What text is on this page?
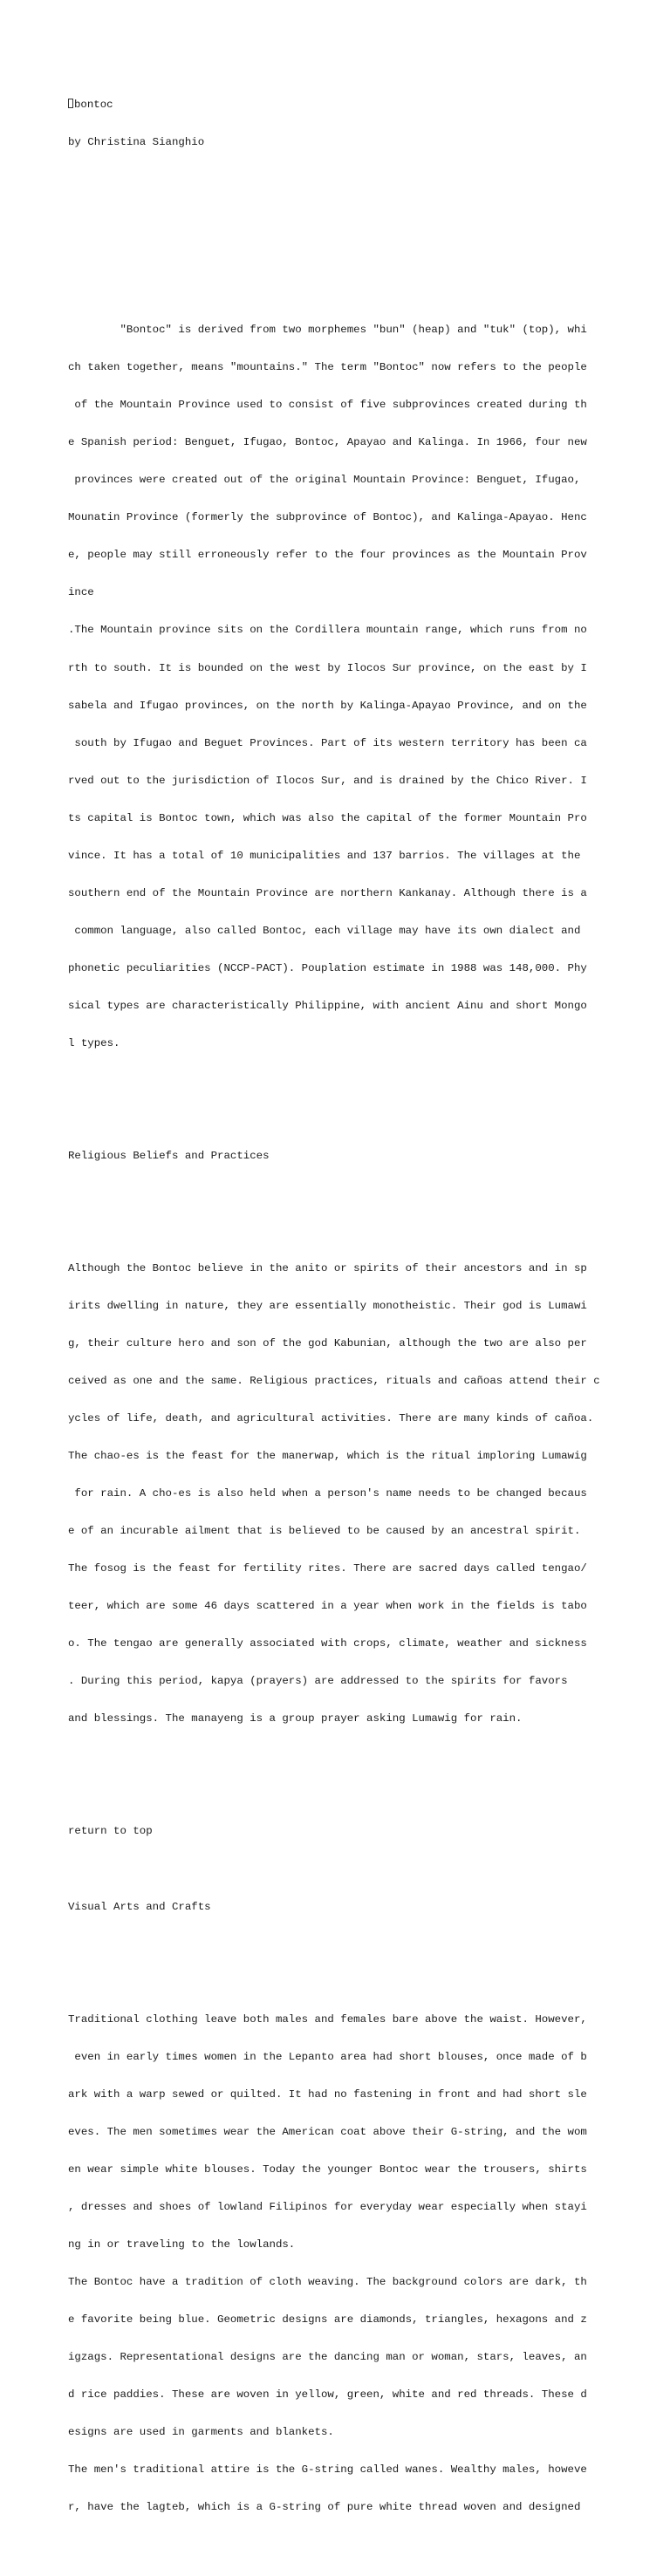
bontoc

by Christina Sianghio

"Bontoc" is derived from two morphemes "bun" (heap) and "tuk" (top), whi

ch taken together, means "mountains." The term "Bontoc" now refers to the people

of the Mountain Province used to consist of five subprovinces created during th

e Spanish period: Benguet, Ifugao, Bontoc, Apayao and Kalinga. In 1966, four new

provinces were created out of the original Mountain Province: Benguet, Ifugao,

Mounatin Province (formerly the subprovince of Bontoc), and Kalinga-Apayao. Henc

e, people may still erroneously refer to the four provinces as the Mountain Prov

ince

.The Mountain province sits on the Cordillera mountain range, which runs from no

rth to south. It is bounded on the west by Ilocos Sur province, on the east by I

sabela and Ifugao provinces, on the north by Kalinga-Apayao Province, and on the

south by Ifugao and Beguet Provinces. Part of its western territory has been ca

rved out to the jurisdiction of Ilocos Sur, and is drained by the Chico River. I

ts capital is Bontoc town, which was also the capital of the former Mountain Pro

vince. It has a total of 10 municipalities and 137 barrios. The villages at the

southern end of the Mountain Province are northern Kankanay. Although there is a

common language, also called Bontoc, each village may have its own dialect and

phonetic peculiarities (NCCP-PACT). Pouplation estimate in 1988 was 148,000. Phy

sical types are characteristically Philippine, with ancient Ainu and short Mongo

l types.

Religious Beliefs and Practices

Although the Bontoc believe in the anito or spirits of their ancestors and in sp

irits dwelling in nature, they are essentially monotheistic. Their god is Lumawi

g, their culture hero and son of the god Kabunian, although the two are also per

ceived as one and the same. Religious practices, rituals and cañoas attend their c

ycles of life, death, and agricultural activities. There are many kinds of cañoa.

The chao-es is the feast for the manerwap, which is the ritual imploring Lumawig

for rain. A cho-es is also held when a person's name needs to be changed becaus

e of an incurable ailment that is believed to be caused by an ancestral spirit.

The fosog is the feast for fertility rites. There are sacred days called tengao/

teer, which are some 46 days scattered in a year when work in the fields is tabo

o. The tengao are generally associated with crops, climate, weather and sickness

. During this period, kapya (prayers) are addressed to the spirits for favors

and blessings. The manayeng is a group prayer asking Lumawig for rain.

return to top

Visual Arts and Crafts

Traditional clothing leave both males and females bare above the waist. However,

even in early times women in the Lepanto area had short blouses, once made of b

ark with a warp sewed or quilted. It had no fastening in front and had short sle

eves. The men sometimes wear the American coat above their G-string, and the wom

en wear simple white blouses. Today the younger Bontoc wear the trousers, shirts

, dresses and shoes of lowland Filipinos for everyday wear especially when stayi

ng in or traveling to the lowlands.

The Bontoc have a tradition of cloth weaving. The background colors are dark, th

e favorite being blue. Geometric designs are diamonds, triangles, hexagons and z

igzags. Representational designs are the dancing man or woman, stars, leaves, an

d rice paddies. These are woven in yellow, green, white and red threads. These d

esigns are used in garments and blankets.

The men's traditional attire is the G-string called wanes. Wealthy males, howeve

r, have the lagteb, which is a G-string of pure white thread woven and designed
